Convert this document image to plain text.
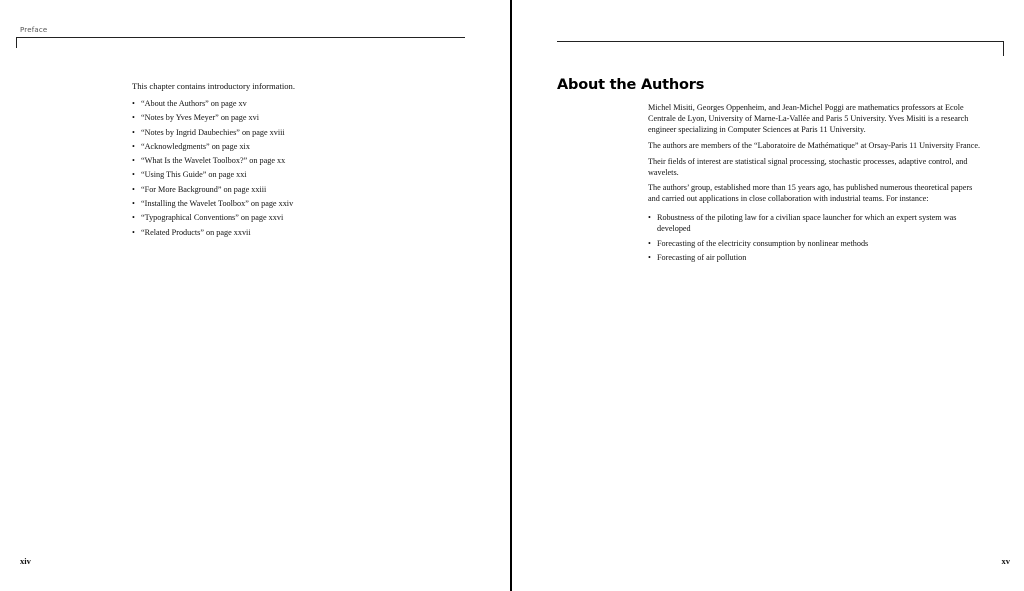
Preface

This chapter contains introductory information.

• “About the Authors” on page xv
• “Notes by Yves Meyer” on page xvi
• “Notes by Ingrid Daubechies” on page xviii
• “Acknowledgments” on page xix
• “What Is the Wavelet Toolbox?” on page xx
• “Using This Guide” on page xxi
• “For More Background” on page xxiii
• “Installing the Wavelet Toolbox” on page xxiv
• “Typographical Conventions” on page xxvi
• “Related Products” on page xxvii
xiv
About the Authors

Michel Misiti, Georges Oppenheim, and Jean-Michel Poggi are mathematics professors at Ecole Centrale de Lyon, University of Marne-La-Vallée and Paris 5 University. Yves Misiti is a research engineer specializing in Computer Sciences at Paris 11 University.

The authors are members of the “Laboratoire de Mathématique” at Orsay-Paris 11 University France.

Their fields of interest are statistical signal processing, stochastic processes, adaptive control, and wavelets.

The authors’ group, established more than 15 years ago, has published numerous theoretical papers and carried out applications in close collaboration with industrial teams. For instance:

• Robustness of the piloting law for a civilian space launcher for which an expert system was developed
• Forecasting of the electricity consumption by nonlinear methods
• Forecasting of air pollution
xv
